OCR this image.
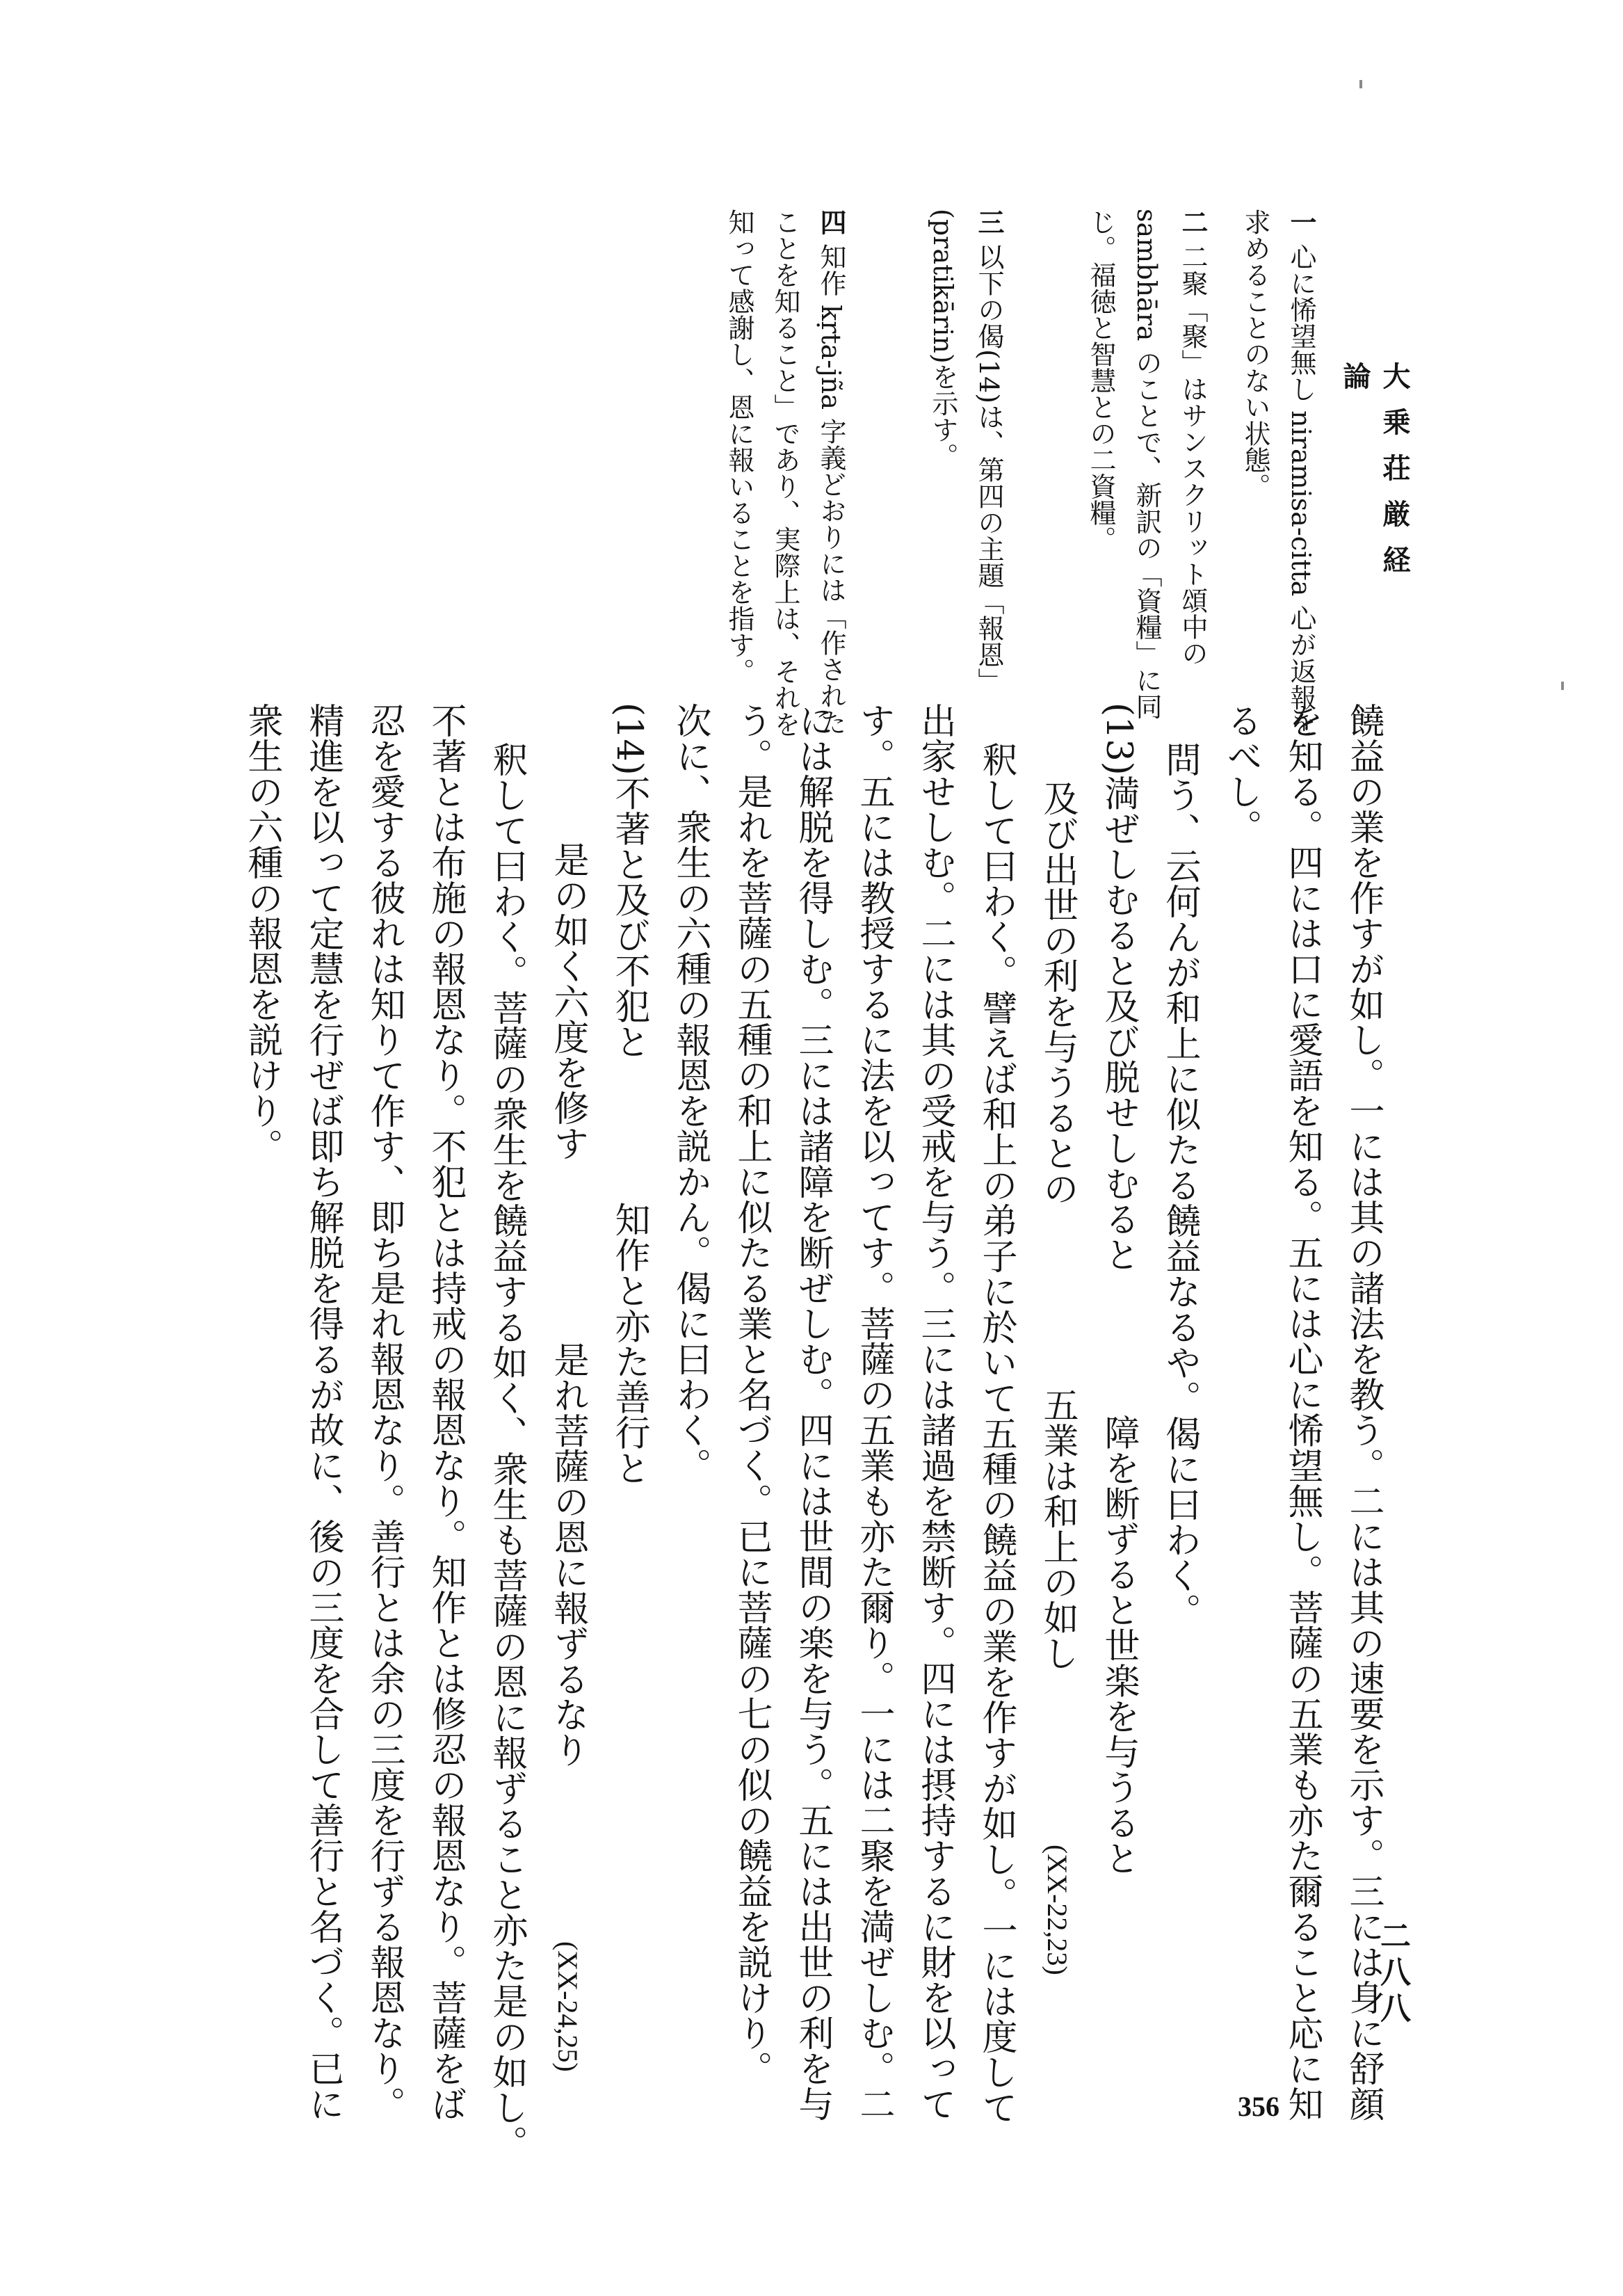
大乗荘厳経論
二八八
356
一 心に悕望無し niramisa-citta 心が返報を求めることのない状態。
二 二聚「聚」はサンスクリット頌中の sambhāra のことで、新訳の「資糧」に同じ。福徳と智慧との二資糧。
三 以下の偈(14)は、第四の主題「報恩」(pratikārin)を示す。
四 知作 kṛta-jña 字義どおりには「作されたことを知ること」であり、実際上は、それを知って感謝し、恩に報いることを指す。
饒益の業を作すが如し。一には其の諸法を教う。二には其の速要を示す。三には身に舒顔
を知る。四には口に愛語を知る。五には心に悕望無し。菩薩の五業も亦た爾ること応に知
るべし。
問う、云何んが和上に似たる饒益なるや。偈に曰わく。
(13)満ぜしむると及び脱せしむると障を断ずると世楽を与うると
及び出世の利を与うるとの五業は和上の如し(XX-22,23)
釈して曰わく。譬えば和上の弟子に於いて五種の饒益の業を作すが如し。一には度して
出家せしむ。二には其の受戒を与う。三には諸過を禁断す。四には摂持するに財を以って
す。五には教授するに法を以ってす。菩薩の五業も亦た爾り。一には二聚を満ぜしむ。二
には解脱を得しむ。三には諸障を断ぜしむ。四には世間の楽を与う。五には出世の利を与
う。是れを菩薩の五種の和上に似たる業と名づく。已に菩薩の七の似の饒益を説けり。
次に、衆生の六種の報恩を説かん。偈に曰わく。
(14)不著と及び不犯と知作と亦た善行と
是の如く六度を修す是れ菩薩の恩に報ずるなり(XX-24,25)
釈して曰わく。菩薩の衆生を饒益する如く、衆生も菩薩の恩に報ずること亦た是の如し。
不著とは布施の報恩なり。不犯とは持戒の報恩なり。知作とは修忍の報恩なり。菩薩をば
忍を愛する彼れは知りて作す、即ち是れ報恩なり。善行とは余の三度を行ずる報恩なり。
精進を以って定慧を行ぜば即ち解脱を得るが故に、後の三度を合して善行と名づく。已に
衆生の六種の報恩を説けり。
